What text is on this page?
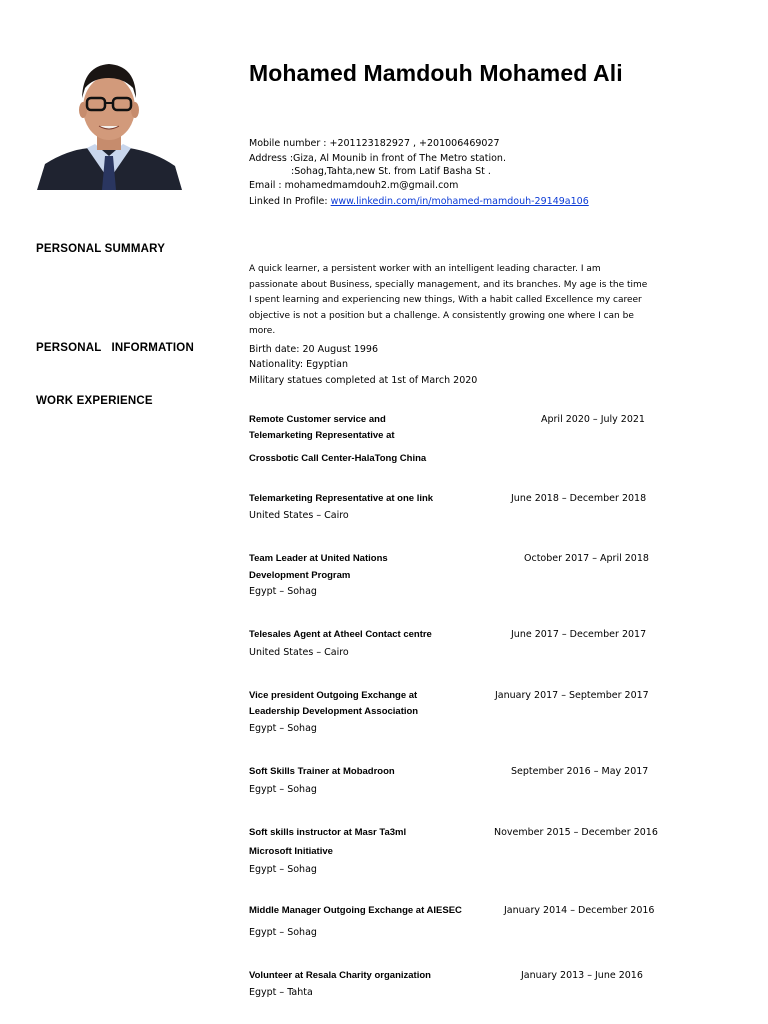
Mohamed Mamdouh Mohamed Ali
Mobile number : +201123182927 , +201006469027
Address :Giza, Al Mounib in front of The Metro station.
:Sohag,Tahta,new St. from Latif Basha St .
Email : mohamedmamdouh2.m@gmail.com
Linked In Profile: www.linkedin.com/in/mohamed-mamdouh-29149a106
PERSONAL SUMMARY
PERSONAL   INFORMATION
WORK EXPERIENCE
A quick learner, a persistent worker with an intelligent leading character. I am passionate about Business, specially management, and its branches. My age is the time I spent learning and experiencing new things, With a habit called Excellence my career objective is not a position but a challenge. A consistently growing one where I can be more.
Birth date: 20 August 1996
Nationality: Egyptian
Military statues completed at 1st of March 2020
Remote Customer service and
Telemarketing Representative at
Crossbotic Call Center-HalaTong China
April 2020 – July 2021
Telemarketing Representative at one link
United States – Cairo
June 2018 – December 2018
Team Leader at United Nations
Development Program
Egypt – Sohag
October 2017 – April 2018
Telesales Agent at Atheel Contact centre
United States – Cairo
June 2017 – December 2017
Vice president Outgoing Exchange at
Leadership Development Association
Egypt – Sohag
January 2017 – September 2017
Soft Skills Trainer at Mobadroon
Egypt – Sohag
September 2016 – May 2017
Soft skills instructor at Masr Ta3ml
Microsoft Initiative
Egypt – Sohag
November 2015 – December 2016
Middle Manager Outgoing Exchange at AIESEC
Egypt – Sohag
January 2014 – December 2016
Volunteer at Resala Charity organization
Egypt – Tahta
January 2013 – June 2016
